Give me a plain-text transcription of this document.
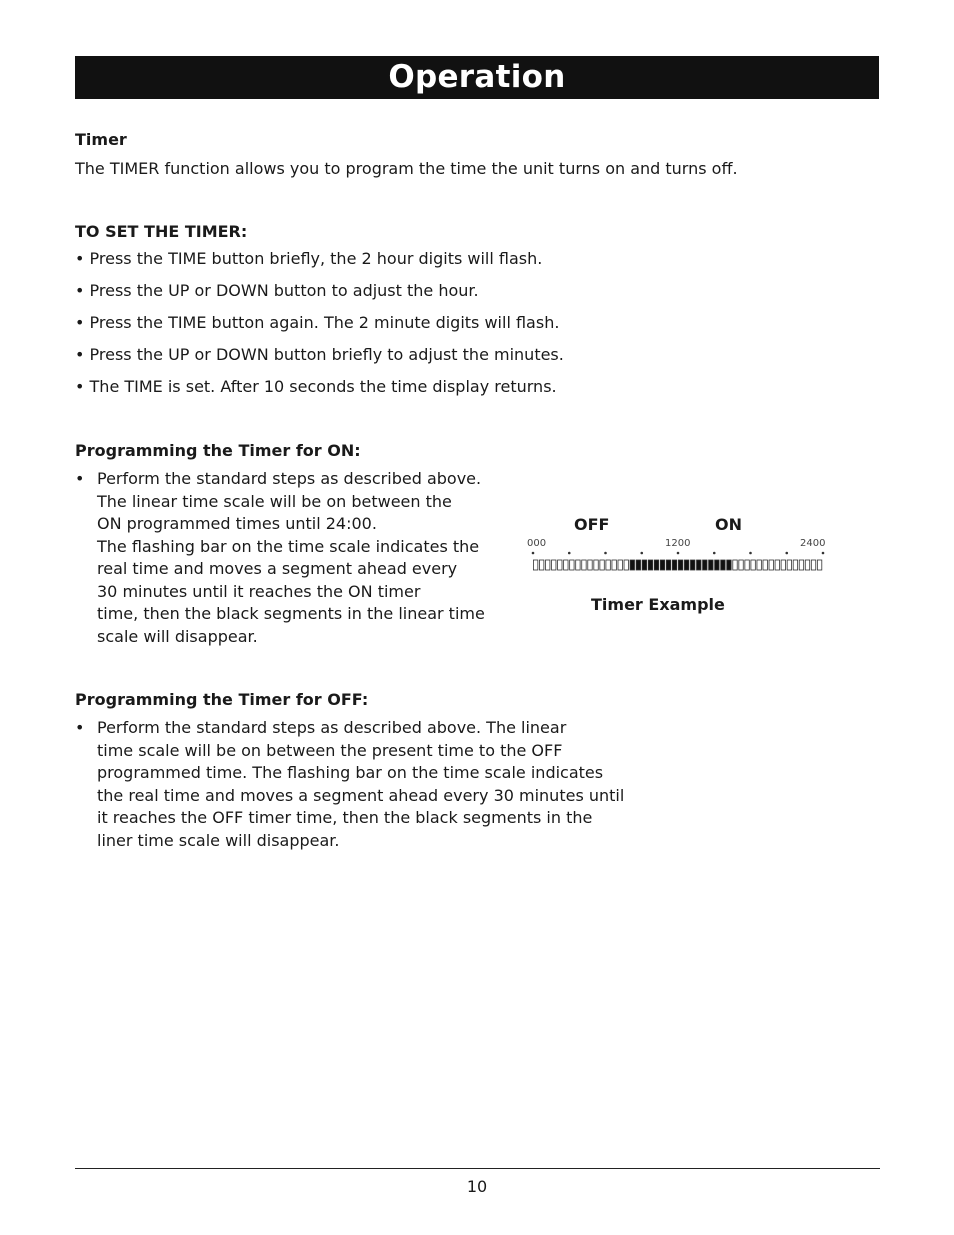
Operation
Timer
The TIMER function allows you to program the time the unit turns on and turns off.
TO SET THE TIMER:
• Press the TIME button briefly, the 2 hour digits will flash.
• Press the UP or DOWN button to adjust the hour.
• Press the TIME button again. The 2 minute digits will flash.
• Press the UP or DOWN button briefly to adjust the minutes.
• The TIME is set. After 10 seconds the time display returns.
Programming the Timer for ON:
• Perform the standard steps as described above.
The linear time scale will be on between the
ON programmed times until 24:00.
The flashing bar on the time scale indicates the
real time and moves a segment ahead every
30 minutes until it reaches the ON timer
time, then the black segments in the linear time
scale will disappear.
OFF	ON
000	1200	2400
Timer Example
Programming the Timer for OFF:
• Perform the standard steps as described above. The linear
time scale will be on between the present time to the OFF
programmed time. The flashing bar on the time scale indicates
the real time and moves a segment ahead every 30 minutes until
it reaches the OFF timer time, then the black segments in the
liner time scale will disappear.
10
